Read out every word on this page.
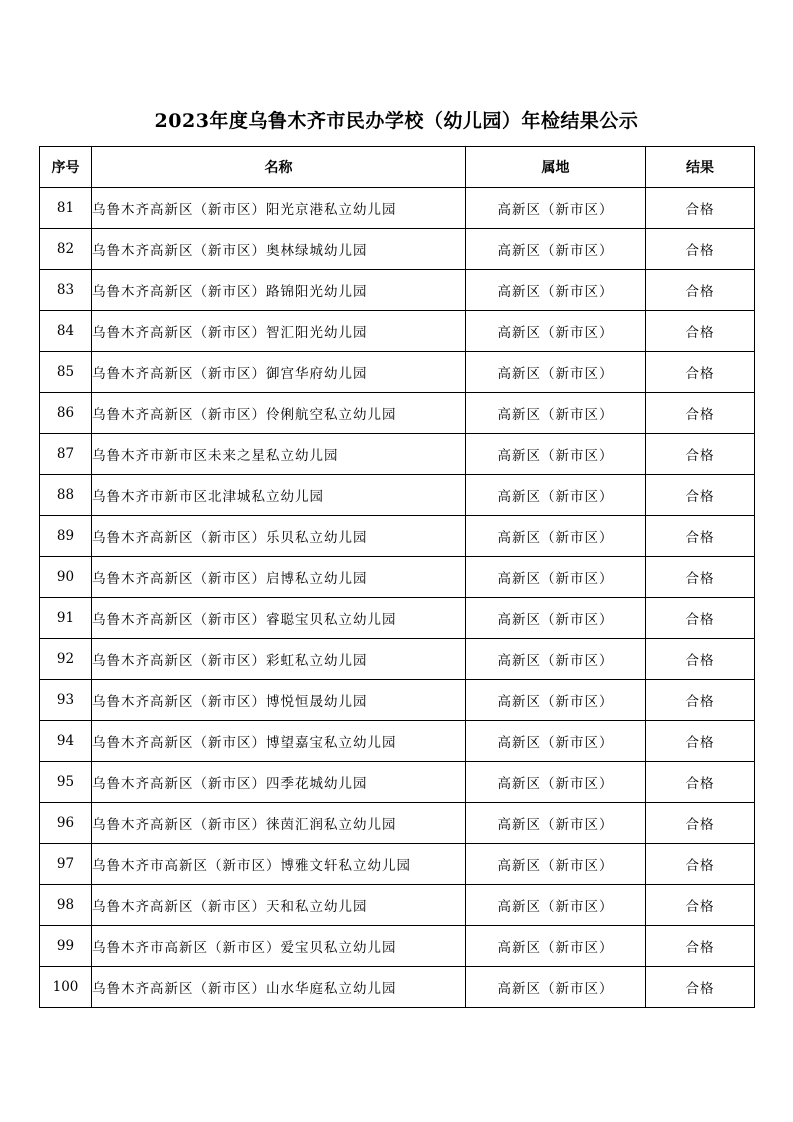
2023年度乌鲁木齐市民办学校（幼儿园）年检结果公示
序号	名称	属地	结果
81	乌鲁木齐高新区（新市区）阳光京港私立幼儿园	高新区（新市区）	合格
82	乌鲁木齐高新区（新市区）奥林绿城幼儿园	高新区（新市区）	合格
83	乌鲁木齐高新区（新市区）路锦阳光幼儿园	高新区（新市区）	合格
84	乌鲁木齐高新区（新市区）智汇阳光幼儿园	高新区（新市区）	合格
85	乌鲁木齐高新区（新市区）御宫华府幼儿园	高新区（新市区）	合格
86	乌鲁木齐高新区（新市区）伶俐航空私立幼儿园	高新区（新市区）	合格
87	乌鲁木齐市新市区未来之星私立幼儿园	高新区（新市区）	合格
88	乌鲁木齐市新市区北津城私立幼儿园	高新区（新市区）	合格
89	乌鲁木齐高新区（新市区）乐贝私立幼儿园	高新区（新市区）	合格
90	乌鲁木齐高新区（新市区）启博私立幼儿园	高新区（新市区）	合格
91	乌鲁木齐高新区（新市区）睿聪宝贝私立幼儿园	高新区（新市区）	合格
92	乌鲁木齐高新区（新市区）彩虹私立幼儿园	高新区（新市区）	合格
93	乌鲁木齐高新区（新市区）博悦恒晟幼儿园	高新区（新市区）	合格
94	乌鲁木齐高新区（新市区）博望嘉宝私立幼儿园	高新区（新市区）	合格
95	乌鲁木齐高新区（新市区）四季花城幼儿园	高新区（新市区）	合格
96	乌鲁木齐高新区（新市区）徕茵汇润私立幼儿园	高新区（新市区）	合格
97	乌鲁木齐市高新区（新市区）博雅文轩私立幼儿园	高新区（新市区）	合格
98	乌鲁木齐高新区（新市区）天和私立幼儿园	高新区（新市区）	合格
99	乌鲁木齐市高新区（新市区）爱宝贝私立幼儿园	高新区（新市区）	合格
100	乌鲁木齐高新区（新市区）山水华庭私立幼儿园	高新区（新市区）	合格
